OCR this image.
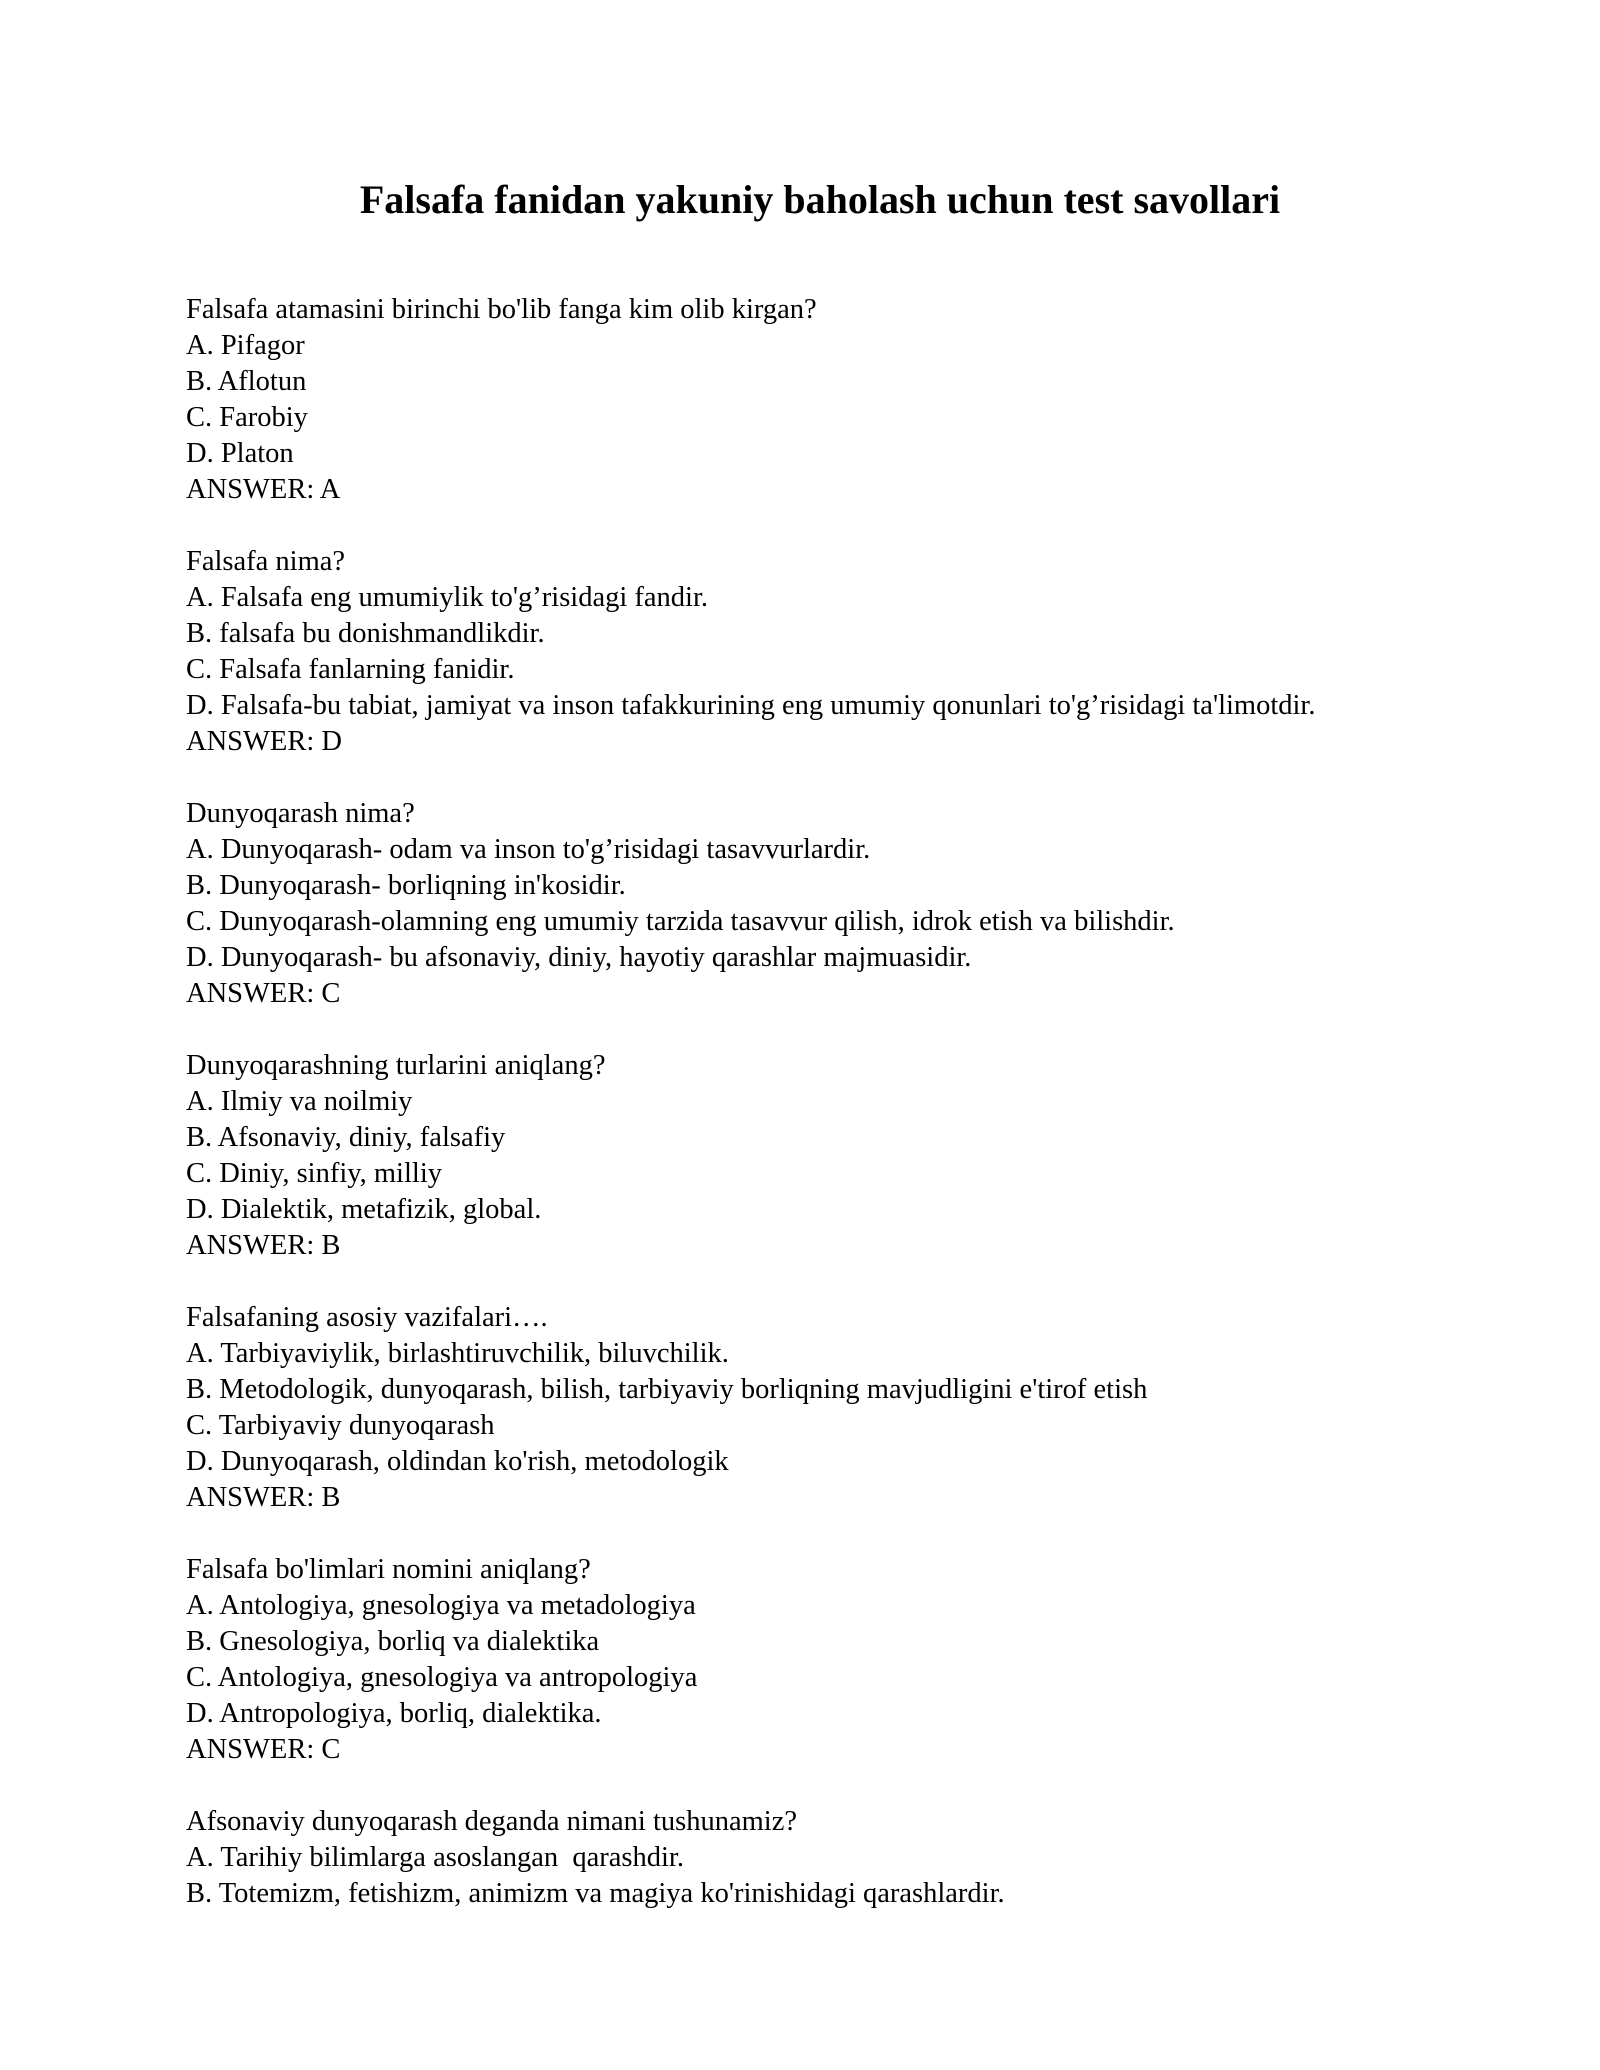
Falsafa fanidan yakuniy baholash uchun test savollari
Falsafa atamasini birinchi bo'lib fanga kim olib kirgan?
A. Pifagor
B. Aflotun
C. Farobiy
D. Platon
ANSWER: A
Falsafa nima?
A. Falsafa eng umumiylik to'g’risidagi fandir.
B. falsafa bu donishmandlikdir.
C. Falsafa fanlarning fanidir.
D. Falsafa-bu tabiat, jamiyat va inson tafakkurining eng umumiy qonunlari to'g’risidagi ta'limotdir.
ANSWER: D
Dunyoqarash nima?
A. Dunyoqarash- odam va inson to'g’risidagi tasavvurlardir.
B. Dunyoqarash- borliqning in'kosidir.
C. Dunyoqarash-olamning eng umumiy tarzida tasavvur qilish, idrok etish va bilishdir.
D. Dunyoqarash- bu afsonaviy, diniy, hayotiy qarashlar majmuasidir.
ANSWER: C
Dunyoqarashning turlarini aniqlang?
A. Ilmiy va noilmiy
B. Afsonaviy, diniy, falsafiy
C. Diniy, sinfiy, milliy
D. Dialektik, metafizik, global.
ANSWER: B
Falsafaning asosiy vazifalari….
A. Tarbiyaviylik, birlashtiruvchilik, biluvchilik.
B. Metodologik, dunyoqarash, bilish, tarbiyaviy borliqning mavjudligini e'tirof etish
C. Tarbiyaviy dunyoqarash
D. Dunyoqarash, oldindan ko'rish, metodologik
ANSWER: B
Falsafa bo'limlari nomini aniqlang?
A. Antologiya, gnesologiya va metadologiya
B. Gnesologiya, borliq va dialektika
C. Antologiya, gnesologiya va antropologiya
D. Antropologiya, borliq, dialektika.
ANSWER: C
Afsonaviy dunyoqarash deganda nimani tushunamiz?
A. Tarihiy bilimlarga asoslangan  qarashdir.
B. Totemizm, fetishizm, animizm va magiya ko'rinishidagi qarashlardir.
